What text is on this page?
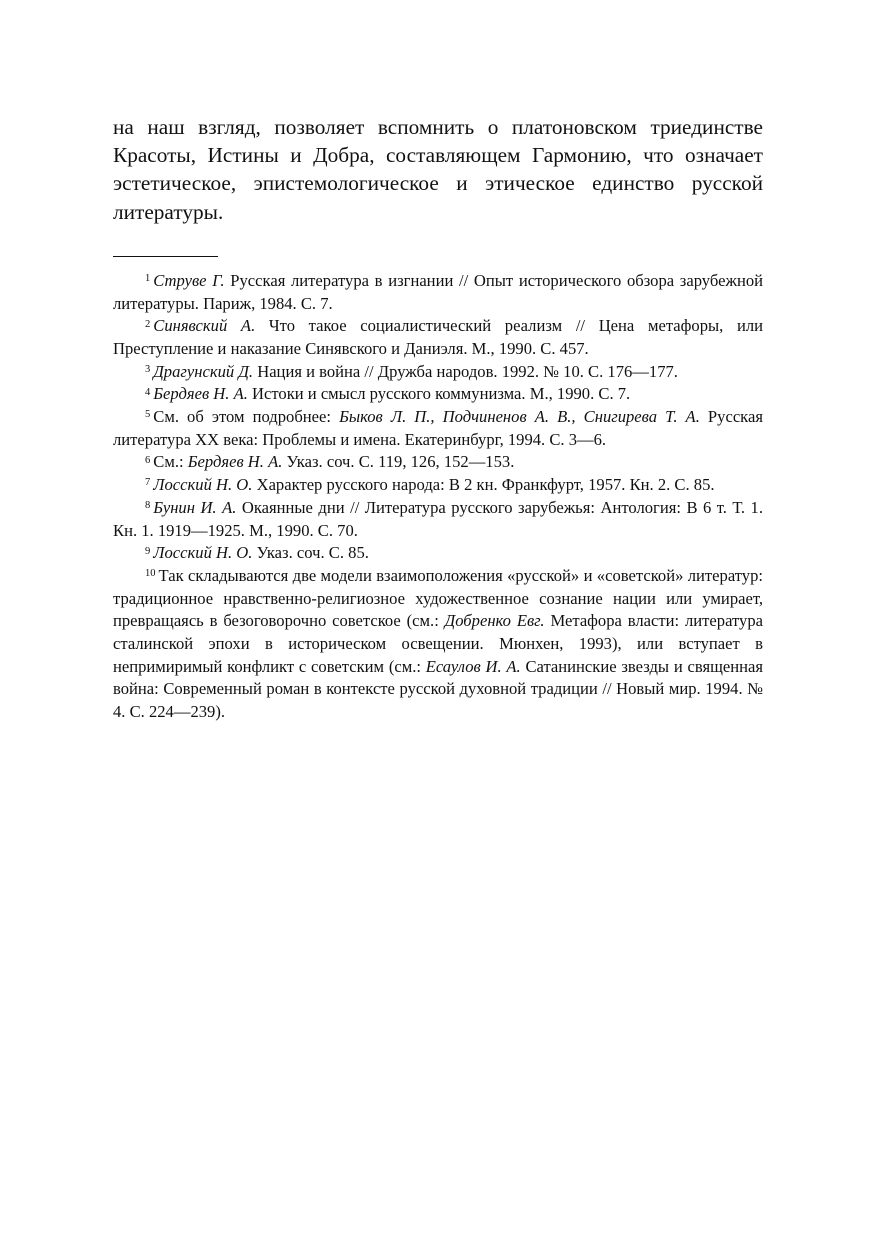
на наш взгляд, позволяет вспомнить о платоновском триединстве Красоты, Истины и Добра, составляющем Гармонию, что означает эстетическое, эпистемологическое и этическое единство русской литературы.

$^1$ Струве Г. Русская литература в изгнании // Опыт исторического обзора зарубежной литературы. Париж, 1984. С. 7.

$^2$ Синявский А. Что такое социалистический реализм // Цена метафоры, или Преступление и наказание Синявского и Даниэля. М., 1990. С. 457.

$^3$ Драгунский Д. Нация и война // Дружба народов. 1992. № 10. С. 176—177.

$^4$ Бердяев Н. А. Истоки и смысл русского коммунизма. М., 1990. С. 7.

$^5$ См. об этом подробнее: Быков Л. П., Подчиненов А. В., Снигирева Т. А. Русская литература XX века: Проблемы и имена. Екатеринбург, 1994. С. 3—6.

$^6$ См.: Бердяев Н. А. Указ. соч. С. 119, 126, 152—153.

$^7$ Лосский Н. О. Характер русского народа: В 2 кн. Франкфурт, 1957. Кн. 2. С. 85.

$^8$ Бунин И. А. Окаянные дни // Литература русского зарубежья: Антология: В 6 т. Т. 1. Кн. 1. 1919—1925. М., 1990. С. 70.

$^9$ Лосский Н. О. Указ. соч. С. 85.

$^{10}$ Так складываются две модели взаимоположения «русской» и «советской» литератур: традиционное нравственно-религиозное художественное сознание нации или умирает, превращаясь в безоговорочно советское (см.: Добренко Евг. Метафора власти: литература сталинской эпохи в историческом освещении. Мюнхен, 1993), или вступает в непримиримый конфликт с советским (см.: Есаулов И. А. Сатанинские звезды и священная война: Современный роман в контексте русской духовной традиции // Новый мир. 1994. № 4. С. 224—239).
